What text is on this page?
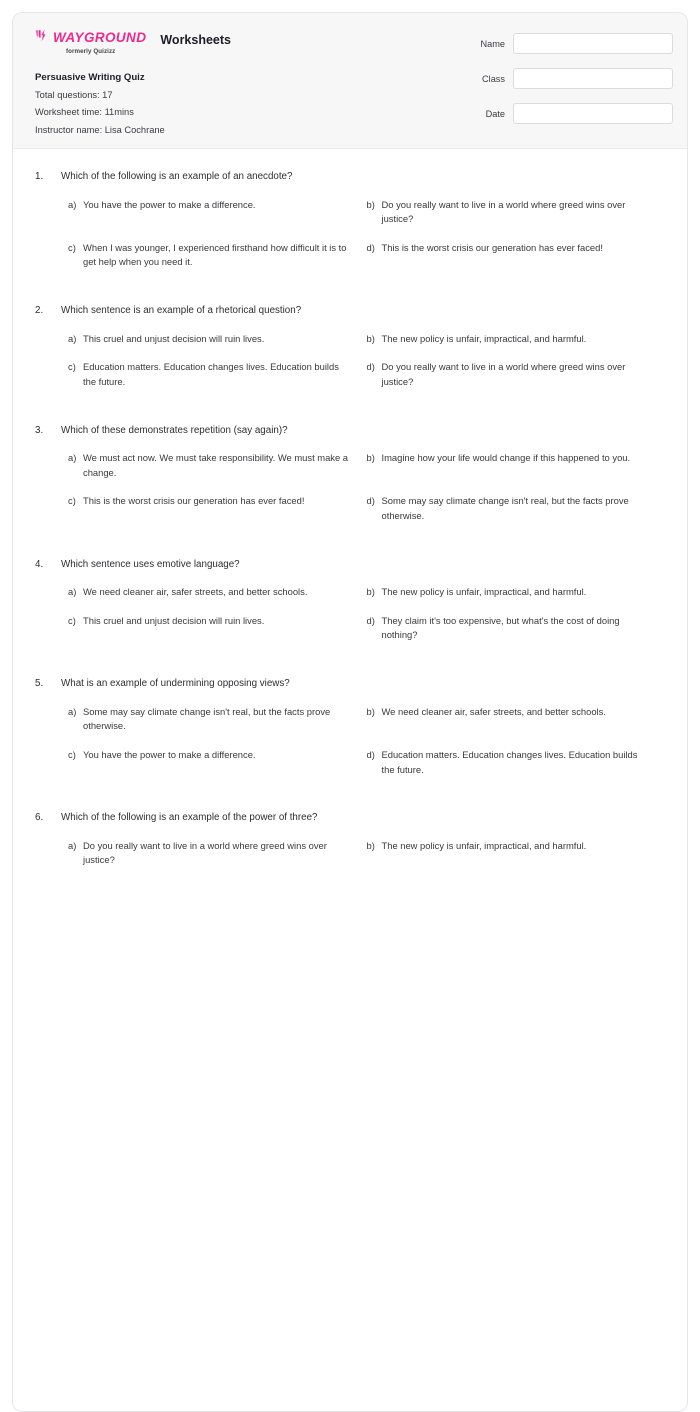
WAYGROUND
formerly Quizizz
Worksheets
Persuasive Writing Quiz
Total questions: 17
Worksheet time: 11mins
Instructor name: Lisa Cochrane
Name
Class
Date
1.	Which of the following is an example of an anecdote?
a) You have the power to make a difference.	b) Do you really want to live in a world where greed wins over justice?
c) When I was younger, I experienced firsthand how difficult it is to get help when you need it.
d) This is the worst crisis our generation has ever faced!
2.	Which sentence is an example of a rhetorical question?
a) This cruel and unjust decision will ruin lives.	b) The new policy is unfair, impractical, and harmful.
c) Education matters. Education changes lives. Education builds the future.
d) Do you really want to live in a world where greed wins over justice?
3.	Which of these demonstrates repetition (say again)?
a) We must act now. We must take responsibility. We must make a change.
b) Imagine how your life would change if this happened to you.
c) This is the worst crisis our generation has ever faced!	d) Some may say climate change isn't real, but the facts prove otherwise.
4.	Which sentence uses emotive language?
a) We need cleaner air, safer streets, and better schools.	b) The new policy is unfair, impractical, and harmful.
c) This cruel and unjust decision will ruin lives.	d) They claim it's too expensive, but what's the cost of doing nothing?
5.	What is an example of undermining opposing views?
a) Some may say climate change isn't real, but the facts prove otherwise.
b) We need cleaner air, safer streets, and better schools.
c) You have the power to make a difference.	d) Education matters. Education changes lives. Education builds the future.
6.	Which of the following is an example of the power of three?
a) Do you really want to live in a world where greed wins over justice?
b) The new policy is unfair, impractical, and harmful.
